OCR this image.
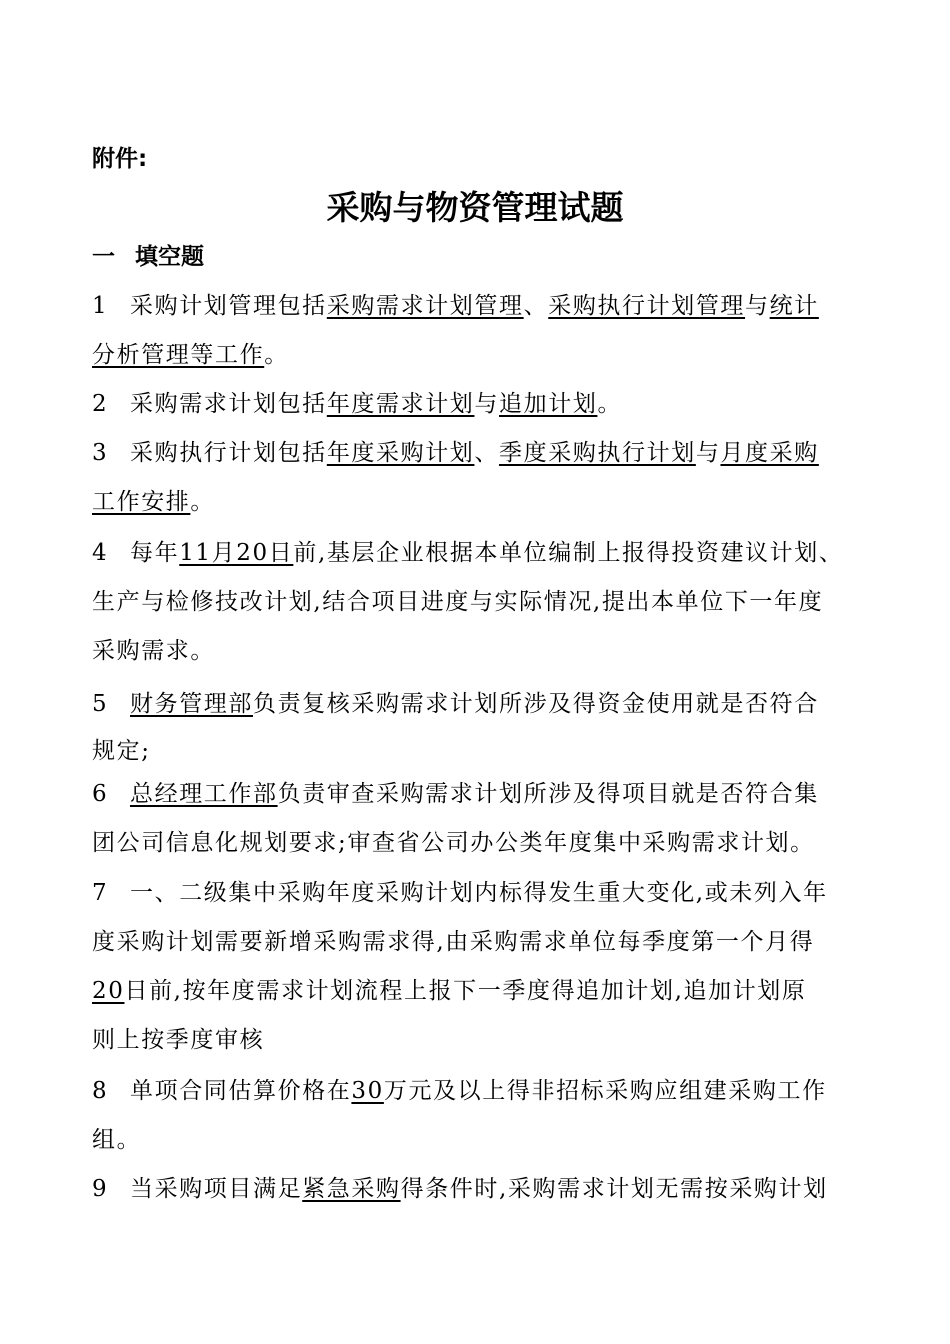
附件:
采购与物资管理试题
一 填空题
1 采购计划管理包括采购需求计划管理、采购执行计划管理与统计
分析管理等工作。
2 采购需求计划包括年度需求计划与追加计划。
3 采购执行计划包括年度采购计划、季度采购执行计划与月度采购
工作安排。
4 每年11月20日前,基层企业根据本单位编制上报得投资建议计划、
生产与检修技改计划,结合项目进度与实际情况,提出本单位下一年度
采购需求。
5 财务管理部负责复核采购需求计划所涉及得资金使用就是否符合
规定;
6 总经理工作部负责审查采购需求计划所涉及得项目就是否符合集
团公司信息化规划要求;审查省公司办公类年度集中采购需求计划。
7 一、二级集中采购年度采购计划内标得发生重大变化,或未列入年
度采购计划需要新增采购需求得,由采购需求单位每季度第一个月得
20日前,按年度需求计划流程上报下一季度得追加计划,追加计划原
则上按季度审核
8 单项合同估算价格在30万元及以上得非招标采购应组建采购工作
组。
9 当采购项目满足紧急采购得条件时,采购需求计划无需按采购计划
